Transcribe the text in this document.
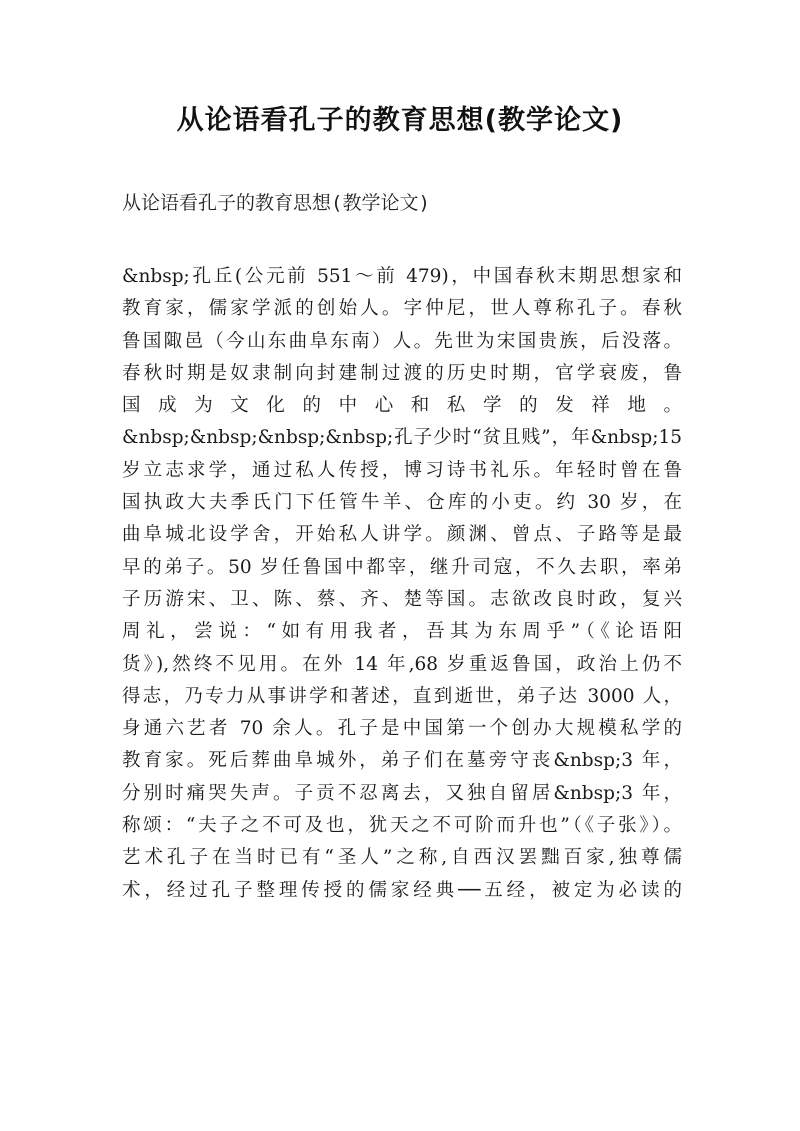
从论语看孔子的教育思想(教学论文)

从论语看孔子的教育思想(教学论文)

&nbsp;孔丘(公元前 551～前 479)，中国春秋末期思想家和
教育家，儒家学派的创始人。字仲尼，世人尊称孔子。春秋
鲁国陬邑（今山东曲阜东南）人。先世为宋国贵族，后没落。
春秋时期是奴隶制向封建制过渡的历史时期，官学衰废，鲁
国成为文化的中心和私学的发祥地。
&nbsp;&nbsp;&nbsp;&nbsp;孔子少时“贫且贱”，年&nbsp;15
岁立志求学，通过私人传授，博习诗书礼乐。年轻时曾在鲁
国执政大夫季氏门下任管牛羊、仓库的小吏。约 30 岁，在
曲阜城北设学舍，开始私人讲学。颜渊、曾点、子路等是最
早的弟子。50 岁任鲁国中都宰，继升司寇，不久去职，率弟
子历游宋、卫、陈、蔡、齐、楚等国。志欲改良时政，复兴
周礼，尝说：“如有用我者，吾其为东周乎”（《论语阳
货》),然终不见用。在外 14 年,68 岁重返鲁国，政治上仍不
得志，乃专力从事讲学和著述，直到逝世，弟子达 3000 人，
身通六艺者 70 余人。孔子是中国第一个创办大规模私学的
教育家。死后葬曲阜城外，弟子们在墓旁守丧&nbsp;3 年，
分别时痛哭失声。子贡不忍离去，又独自留居&nbsp;3 年，
称颂：“夫子之不可及也，犹天之不可阶而升也”（《子张》）。
艺术孔子在当时已有“圣人”之称,自西汉罢黜百家,独尊儒
术，经过孔子整理传授的儒家经典──五经，被定为必读的
